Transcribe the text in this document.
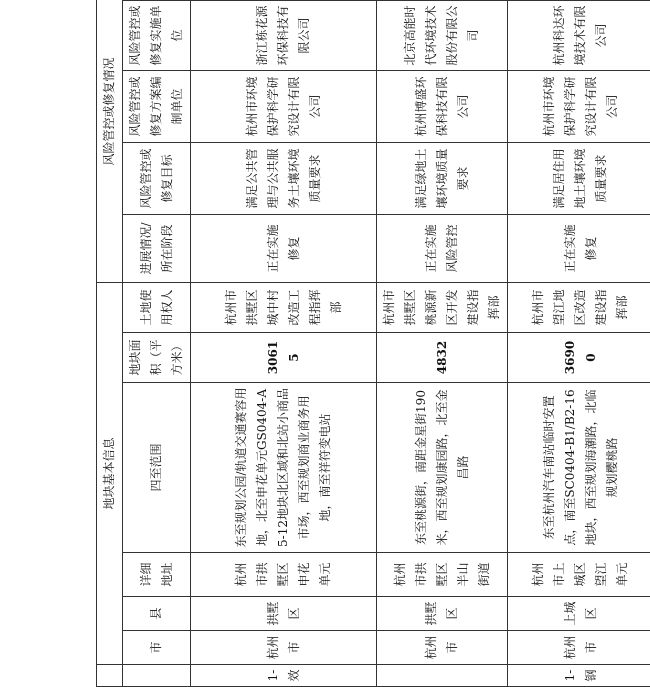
	地块基本信息						风险管控或修复情况				
	市	县	详细地址	四至范围	地块面积（平方米）	土地使用权人	进展情况/所在阶段	风险管控或修复目标	风险管控或修复方案编制单位	风险管控或修复实施单位	
1- 效	杭州市	拱墅区	杭州市拱墅区申花单元	东至规划公园/轨道交通赛容用地，北至申花单元GS0404-A5-12地块北区域和北站小商品市场，西至规划商业商务用地，南至祥符变电站	30615	杭州市拱墅区城中村改造工程指挥部	正在实施修复	满足公共管理与公共服务土壤环境质量要求	杭州市环境保护科学研究设计有限公司	浙江栋花源环保科技有限公司	

	杭州市	拱墅区	杭州市拱墅区半山街道	东至桃源街，南距金星街190米，西至规划康园路，北至金昌路	4832	杭州市拱墅区桃源新区开发建设指挥部	正在实施风险管控	满足绿地土壤环境质量要求	杭州博盛环保科技有限公司	北京高能时代环境技术股份有限公司	
1- 钢	杭州市	上城区	杭州市上城区望江单元	东至杭州汽车南站临时安置点，南至SC0404-B1/B2-16地块，西至规划海潮路，北临规划樱桃路	36900	杭州市望江地区改造建设指挥部	正在实施修复	满足居住用地土壤环境质量要求	杭州市环境保护科学研究设计有限公司	杭州科达环境技术有限公司	
